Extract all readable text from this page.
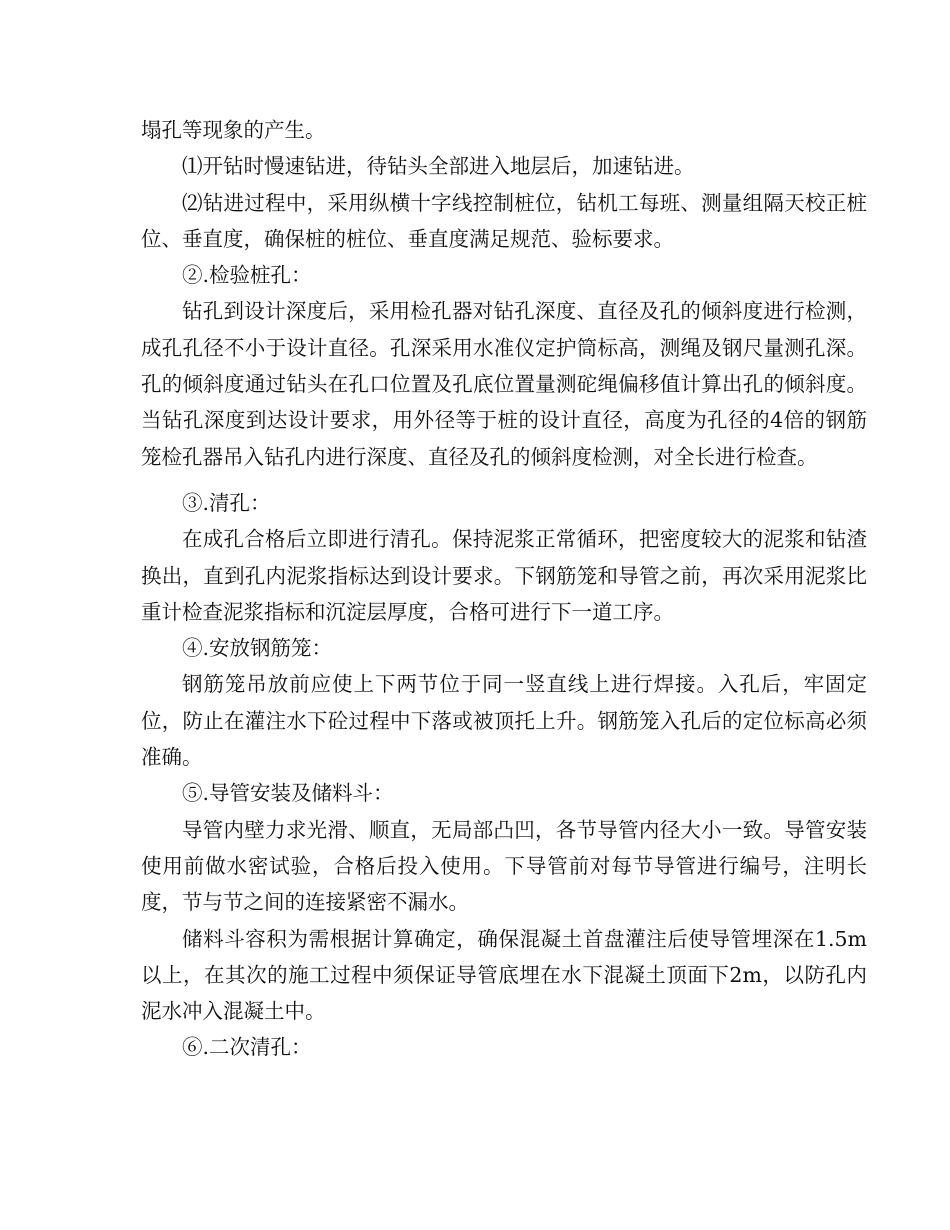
塌孔等现象的产生。

⑴开钻时慢速钻进，待钻头全部进入地层后，加速钻进。

⑵钻进过程中，采用纵横十字线控制桩位，钻机工每班、测量组隔天校正桩位、垂直度，确保桩的桩位、垂直度满足规范、验标要求。

②.检验桩孔：

钻孔到设计深度后，采用检孔器对钻孔深度、直径及孔的倾斜度进行检测，成孔孔径不小于设计直径。孔深采用水准仪定护筒标高，测绳及钢尺量测孔深。孔的倾斜度通过钻头在孔口位置及孔底位置量测砣绳偏移值计算出孔的倾斜度。当钻孔深度到达设计要求，用外径等于桩的设计直径，高度为孔径的4倍的钢筋笼检孔器吊入钻孔内进行深度、直径及孔的倾斜度检测，对全长进行检查。

③.清孔：

在成孔合格后立即进行清孔。保持泥浆正常循环，把密度较大的泥浆和钻渣换出，直到孔内泥浆指标达到设计要求。下钢筋笼和导管之前，再次采用泥浆比重计检查泥浆指标和沉淀层厚度，合格可进行下一道工序。

④.安放钢筋笼：

钢筋笼吊放前应使上下两节位于同一竖直线上进行焊接。入孔后，牢固定位，防止在灌注水下砼过程中下落或被顶托上升。钢筋笼入孔后的定位标高必须准确。

⑤.导管安装及储料斗：

导管内壁力求光滑、顺直，无局部凸凹，各节导管内径大小一致。导管安装使用前做水密试验，合格后投入使用。下导管前对每节导管进行编号，注明长度，节与节之间的连接紧密不漏水。

储料斗容积为需根据计算确定，确保混凝土首盘灌注后使导管埋深在1.5m以上，在其次的施工过程中须保证导管底埋在水下混凝土顶面下2m，以防孔内泥水冲入混凝土中。

⑥.二次清孔：
